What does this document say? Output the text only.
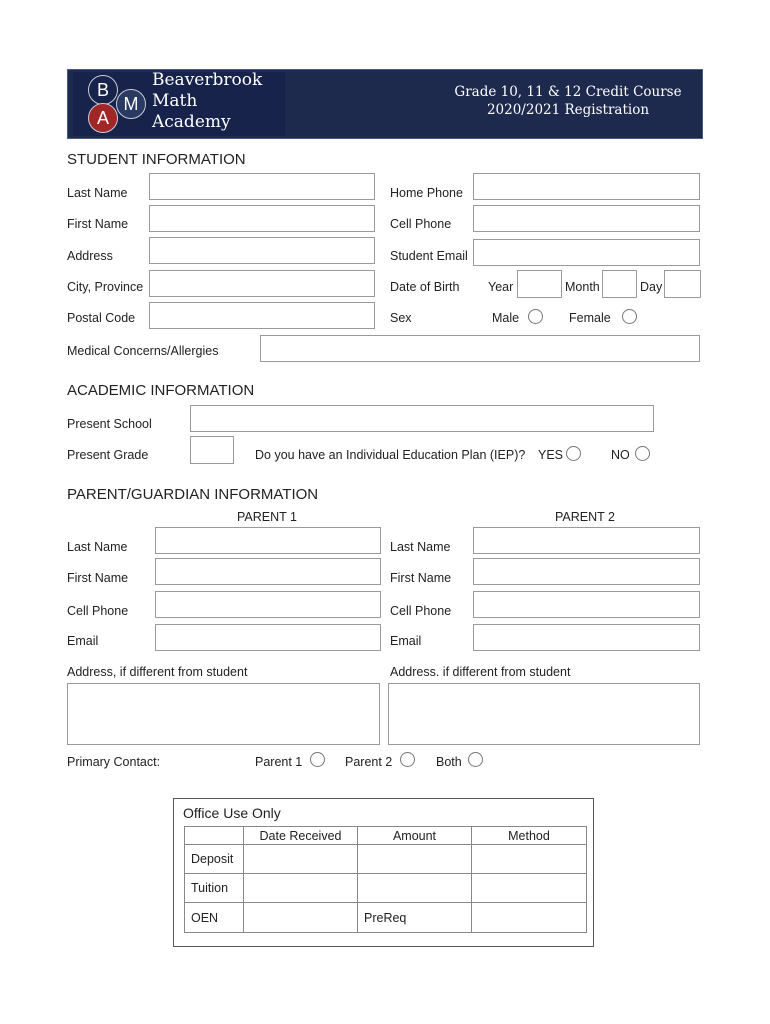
B
M
A
Beaverbrook
Math
Academy
Grade 10, 11 & 12 Credit Course
2020/2021 Registration
STUDENT INFORMATION
Last Name	Home Phone
First Name	Cell Phone
Address	Student Email
City, Province	Date of Birth Year	Month	Day
Postal Code	Sex	Male	Female
Medical Concerns/Allergies
ACADEMIC INFORMATION
Present School
Present Grade	Do you have an Individual Education Plan (IEP)? YES	NO
PARENT/GUARDIAN INFORMATION
PARENT 1	PARENT 2
Last Name	Last Name
First Name	First Name
Cell Phone	Cell Phone
Email	Email
Address, if different from student	Address. if different from student
Primary Contact:	Parent 1	Parent 2	Both
Office Use Only
	Date Received	Amount	Method
Deposit			
Tuition			
OEN		PreReq	
